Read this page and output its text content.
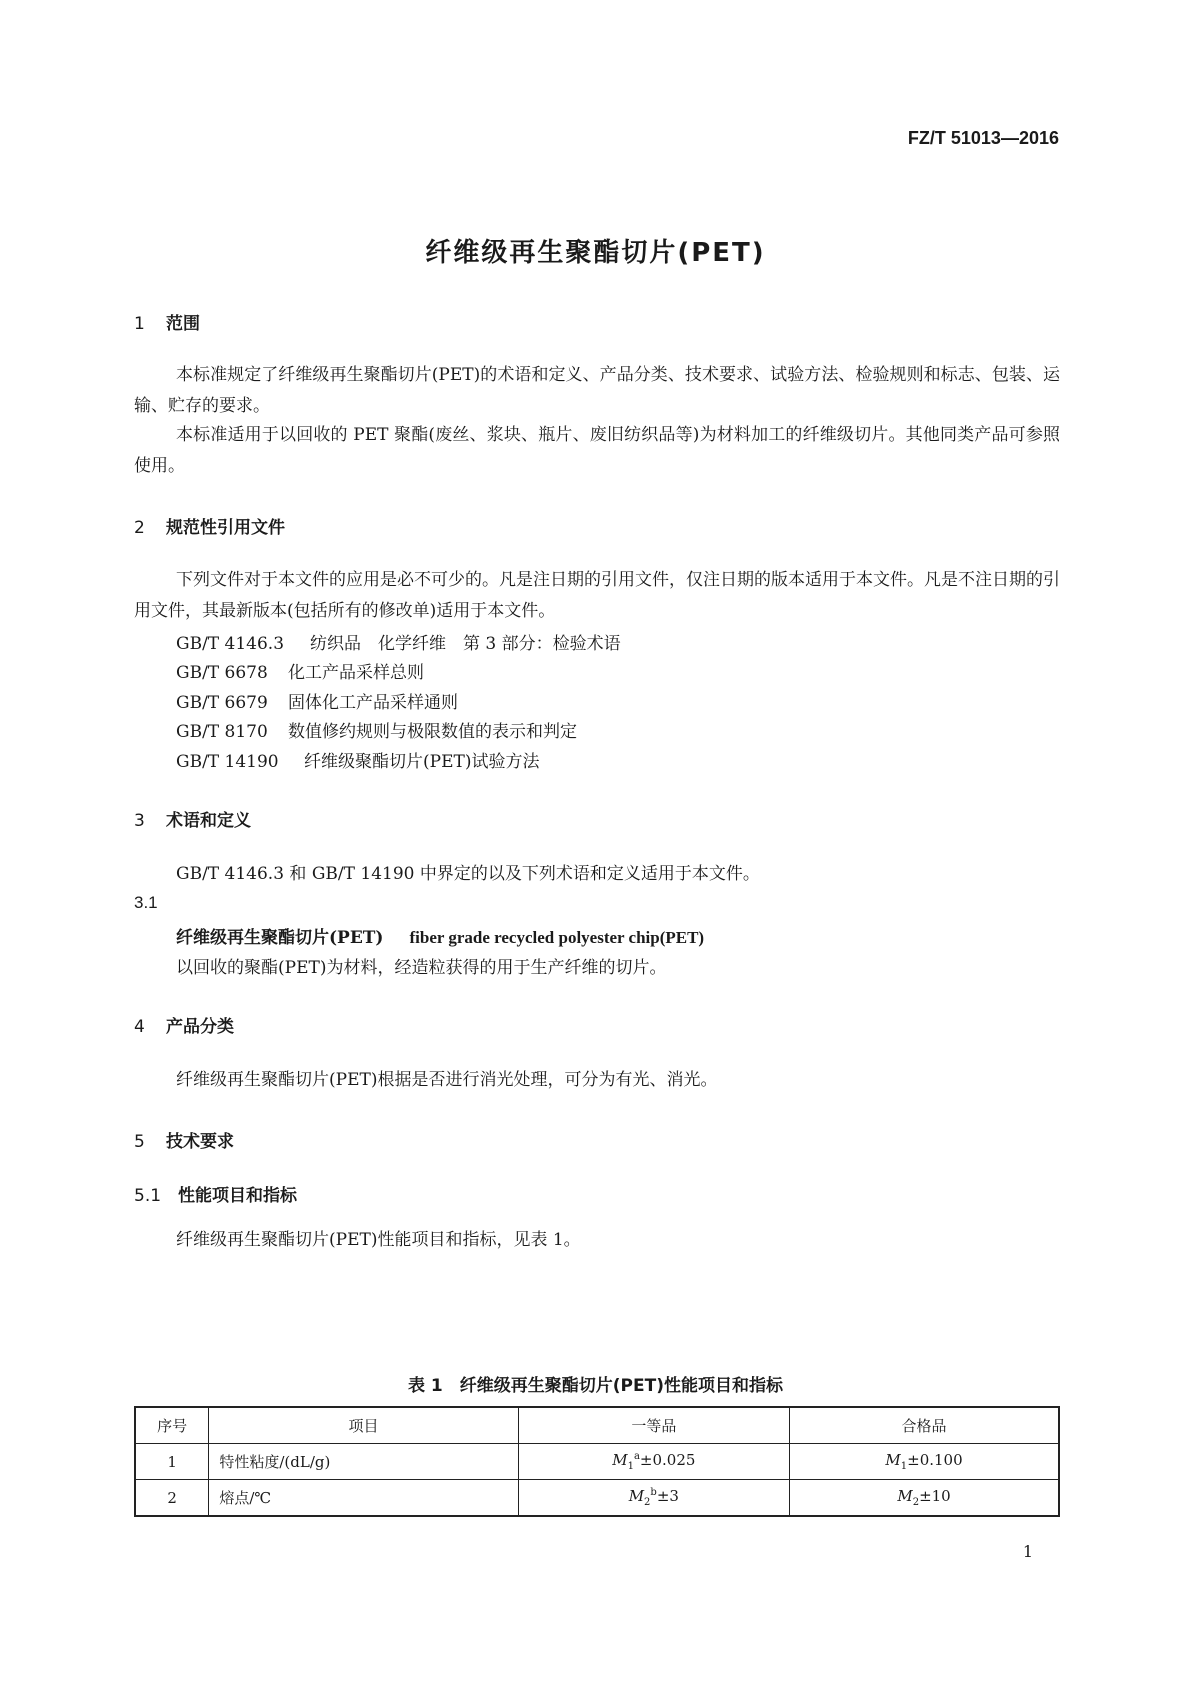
FZ/T 51013—2016
纤维级再生聚酯切片(PET)
1 范围
本标准规定了纤维级再生聚酯切片(PET)的术语和定义、产品分类、技术要求、试验方法、检验规则和标志、包装、运输、贮存的要求。
本标准适用于以回收的 PET 聚酯(废丝、浆块、瓶片、废旧纺织品等)为材料加工的纤维级切片。其他同类产品可参照使用。
2 规范性引用文件
下列文件对于本文件的应用是必不可少的。凡是注日期的引用文件，仅注日期的版本适用于本文件。凡是不注日期的引用文件，其最新版本(包括所有的修改单)适用于本文件。
GB/T 4146.3 纺织品　化学纤维　第 3 部分：检验术语
GB/T 6678 化工产品采样总则
GB/T 6679 固体化工产品采样通则
GB/T 8170 数值修约规则与极限数值的表示和判定
GB/T 14190 纤维级聚酯切片(PET)试验方法
3 术语和定义
GB/T 4146.3 和 GB/T 14190 中界定的以及下列术语和定义适用于本文件。
3.1
纤维级再生聚酯切片(PET) fiber grade recycled polyester chip(PET)
以回收的聚酯(PET)为材料，经造粒获得的用于生产纤维的切片。
4 产品分类
纤维级再生聚酯切片(PET)根据是否进行消光处理，可分为有光、消光。
5 技术要求
5.1 性能项目和指标
纤维级再生聚酯切片(PET)性能项目和指标，见表 1。
表 1　纤维级再生聚酯切片(PET)性能项目和指标
序号	项目	一等品	合格品
1	特性粘度/(dL/g)	$M_1^a\pm 0.025$	$M_1\pm 0.100$
2	熔点/℃	$M_2^b\pm 3$	$M_2\pm 10$
1
